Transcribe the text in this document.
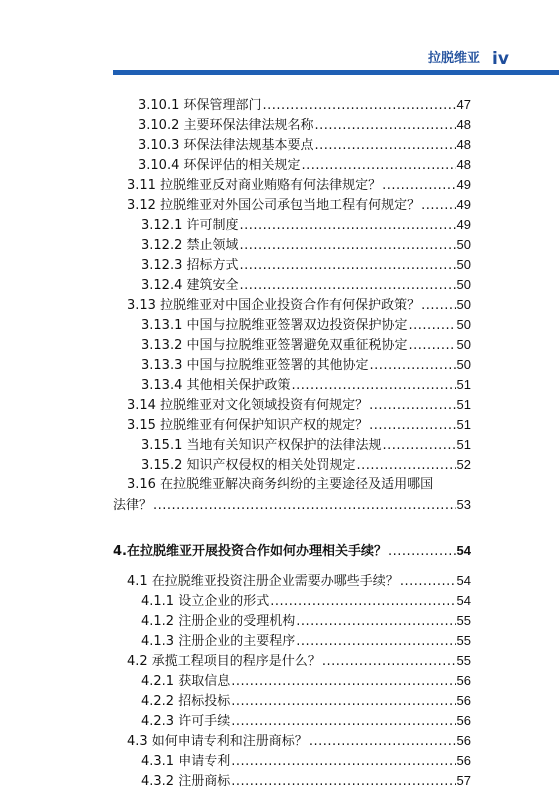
拉脱维亚 iv
3.10.1 环保管理部门 .....	47
3.10.2 主要环保法律法规名称 .....	48
3.10.3 环保法律法规基本要点 .....	48
3.10.4 环保评估的相关规定 .....	48
3.11 拉脱维亚反对商业贿赂有何法律规定？ .....	49
3.12 拉脱维亚对外国公司承包当地工程有何规定？ .....	49
3.12.1 许可制度 .....	49
3.12.2 禁止领域 .....	50
3.12.3 招标方式 .....	50
3.12.4 建筑安全 .....	50
3.13 拉脱维亚对中国企业投资合作有何保护政策？ .....	50
3.13.1 中国与拉脱维亚签署双边投资保护协定 .....	50
3.13.2 中国与拉脱维亚签署避免双重征税协定 .....	50
3.13.3 中国与拉脱维亚签署的其他协定 .....	50
3.13.4 其他相关保护政策 .....	51
3.14 拉脱维亚对文化领域投资有何规定？ .....	51
3.15 拉脱维亚有何保护知识产权的规定？ .....	51
3.15.1 当地有关知识产权保护的法律法规 .....	51
3.15.2 知识产权侵权的相关处罚规定 .....	52
3.16 在拉脱维亚解决商务纠纷的主要途径及适用哪国
法律？ .....	53
4.在拉脱维亚开展投资合作如何办理相关手续？ .....	54
4.1 在拉脱维亚投资注册企业需要办哪些手续？ .....	54
4.1.1 设立企业的形式 .....	54
4.1.2 注册企业的受理机构 .....	55
4.1.3 注册企业的主要程序 .....	55
4.2 承揽工程项目的程序是什么？ .....	55
4.2.1 获取信息 .....	56
4.2.2 招标投标 .....	56
4.2.3 许可手续 .....	56
4.3 如何申请专利和注册商标？ .....	56
4.3.1 申请专利 .....	56
4.3.2 注册商标 .....	57
